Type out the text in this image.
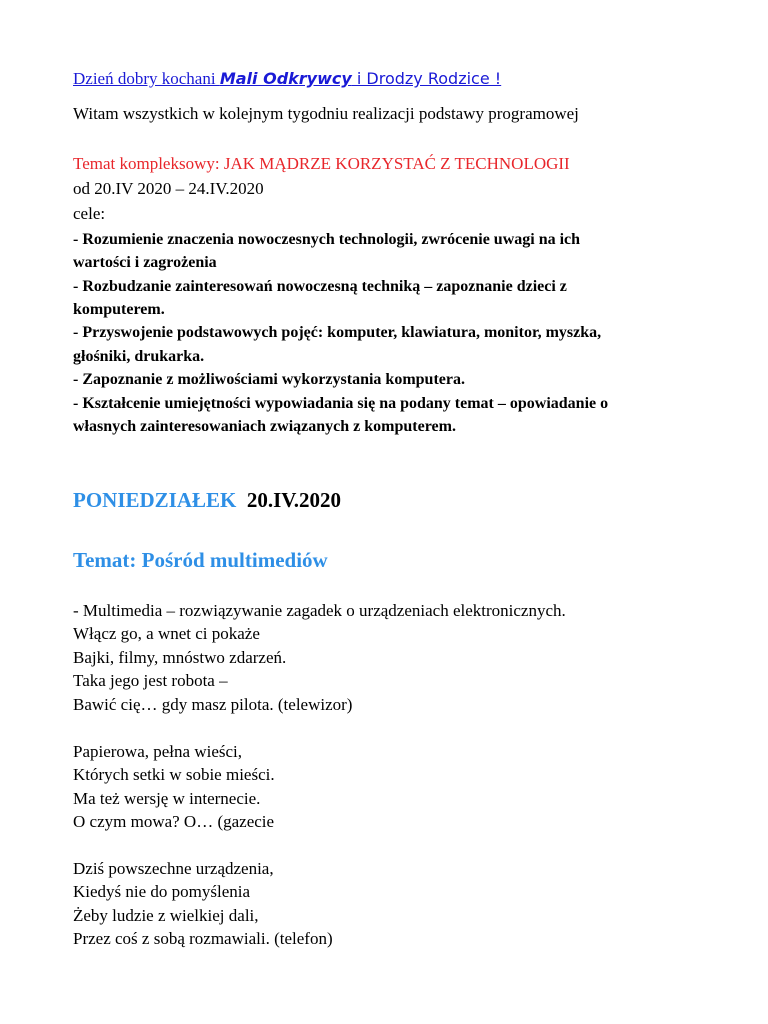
Dzień dobry kochani Mali Odkrywcy i Drodzy Rodzice !
Witam wszystkich w kolejnym tygodniu realizacji podstawy programowej
Temat kompleksowy: JAK MĄDRZE KORZYSTAĆ Z TECHNOLOGII
od 20.IV 2020 – 24.IV.2020
cele:
- Rozumienie znaczenia nowoczesnych technologii, zwrócenie uwagi na ich
wartości i zagrożenia
- Rozbudzanie zainteresowań nowoczesną techniką – zapoznanie dzieci z
komputerem.
- Przyswojenie podstawowych pojęć: komputer, klawiatura, monitor, myszka,
głośniki, drukarka.
- Zapoznanie z możliwościami wykorzystania komputera.
- Kształcenie umiejętności wypowiadania się na podany temat – opowiadanie o
własnych zainteresowaniach związanych z komputerem.
PONIEDZIAŁEK 20.IV.2020
Temat: Pośród multimediów
- Multimedia – rozwiązywanie zagadek o urządzeniach elektronicznych.
Włącz go, a wnet ci pokaże
Bajki, filmy, mnóstwo zdarzeń.
Taka jego jest robota –
Bawić cię… gdy masz pilota. (telewizor)
Papierowa, pełna wieści,
Których setki w sobie mieści.
Ma też wersję w internecie.
O czym mowa? O… (gazecie
Dziś powszechne urządzenia,
Kiedyś nie do pomyślenia
Żeby ludzie z wielkiej dali,
Przez coś z sobą rozmawiali. (telefon)
